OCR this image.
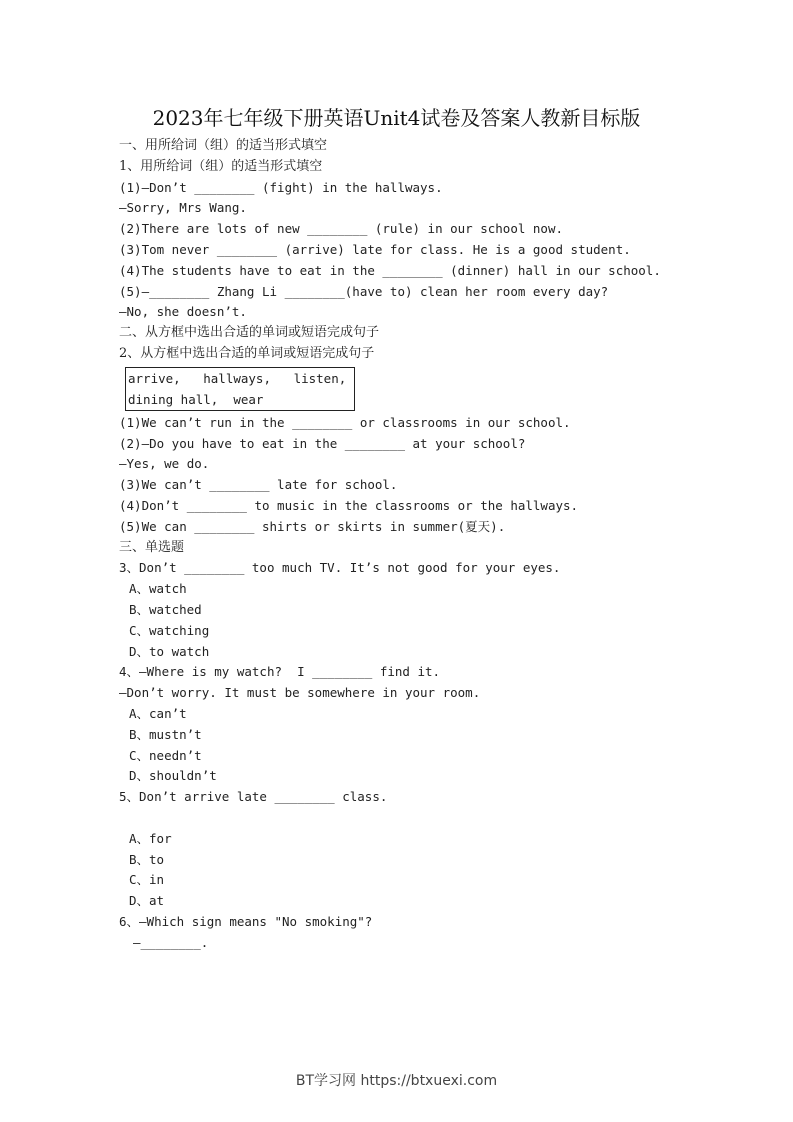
2023年七年级下册英语Unit4试卷及答案人教新目标版
一、用所给词（组）的适当形式填空
1、用所给词（组）的适当形式填空
(1)—Don’t ________ (fight) in the hallways.
—Sorry, Mrs Wang.
(2)There are lots of new ________ (rule) in our school now.
(3)Tom never ________ (arrive) late for class. He is a good student.
(4)The students have to eat in the ________ (dinner) hall in our school.
(5)—________ Zhang Li ________(have to) clean her room every day?
—No, she doesn’t.
二、从方框中选出合适的单词或短语完成句子
2、从方框中选出合适的单词或短语完成句子
arrive,   hallways,   listen,
dining hall,  wear
(1)We can’t run in the ________ or classrooms in our school.
(2)—Do you have to eat in the ________ at your school?
—Yes, we do.
(3)We can’t ________ late for school.
(4)Don’t ________ to music in the classrooms or the hallways.
(5)We can ________ shirts or skirts in summer(夏天).
三、单选题
3、Don’t ________ too much TV. It’s not good for your eyes.
A、watch
B、watched
C、watching
D、to watch
4、—Where is my watch?  I ________ find it.
—Don’t worry. It must be somewhere in your room.
A、can’t
B、mustn’t
C、needn’t
D、shouldn’t
5、Don’t arrive late ________ class.
A、for
B、to
C、in
D、at
6、—Which sign means "No smoking"?
—________.
BT学习网 https://btxuexi.com
